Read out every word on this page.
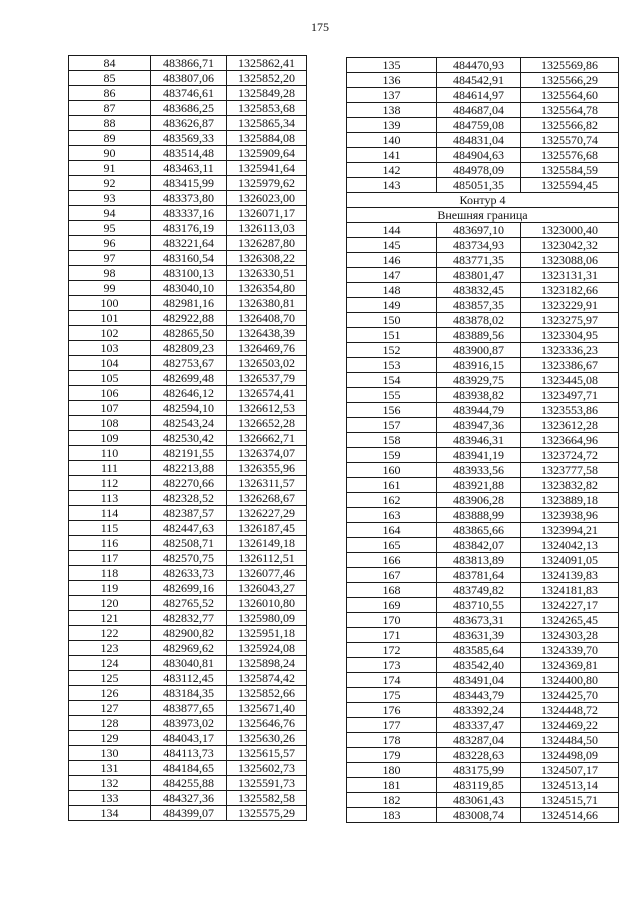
175
84	483866,71	1325862,41
85	483807,06	1325852,20
86	483746,61	1325849,28
87	483686,25	1325853,68
88	483626,87	1325865,34
89	483569,33	1325884,08
90	483514,48	1325909,64
91	483463,11	1325941,64
92	483415,99	1325979,62
93	483373,80	1326023,00
94	483337,16	1326071,17
95	483176,19	1326113,03
96	483221,64	1326287,80
97	483160,54	1326308,22
98	483100,13	1326330,51
99	483040,10	1326354,80
100	482981,16	1326380,81
101	482922,88	1326408,70
102	482865,50	1326438,39
103	482809,23	1326469,76
104	482753,67	1326503,02
105	482699,48	1326537,79
106	482646,12	1326574,41
107	482594,10	1326612,53
108	482543,24	1326652,28
109	482530,42	1326662,71
110	482191,55	1326374,07
111	482213,88	1326355,96
112	482270,66	1326311,57
113	482328,52	1326268,67
114	482387,57	1326227,29
115	482447,63	1326187,45
116	482508,71	1326149,18
117	482570,75	1326112,51
118	482633,73	1326077,46
119	482699,16	1326043,27
120	482765,52	1326010,80
121	482832,77	1325980,09
122	482900,82	1325951,18
123	482969,62	1325924,08
124	483040,81	1325898,24
125	483112,45	1325874,42
126	483184,35	1325852,66
127	483877,65	1325671,40
128	483973,02	1325646,76
129	484043,17	1325630,26
130	484113,73	1325615,57
131	484184,65	1325602,73
132	484255,88	1325591,73
133	484327,36	1325582,58
134	484399,07	1325575,29
135	484470,93	1325569,86
136	484542,91	1325566,29
137	484614,97	1325564,60
138	484687,04	1325564,78
139	484759,08	1325566,82
140	484831,04	1325570,74
141	484904,63	1325576,68
142	484978,09	1325584,59
143	485051,35	1325594,45
Контур 4		
Внешняя граница		
144	483697,10	1323000,40
145	483734,93	1323042,32
146	483771,35	1323088,06
147	483801,47	1323131,31
148	483832,45	1323182,66
149	483857,35	1323229,91
150	483878,02	1323275,97
151	483889,56	1323304,95
152	483900,87	1323336,23
153	483916,15	1323386,67
154	483929,75	1323445,08
155	483938,82	1323497,71
156	483944,79	1323553,86
157	483947,36	1323612,28
158	483946,31	1323664,96
159	483941,19	1323724,72
160	483933,56	1323777,58
161	483921,88	1323832,82
162	483906,28	1323889,18
163	483888,99	1323938,96
164	483865,66	1323994,21
165	483842,07	1324042,13
166	483813,89	1324091,05
167	483781,64	1324139,83
168	483749,82	1324181,83
169	483710,55	1324227,17
170	483673,31	1324265,45
171	483631,39	1324303,28
172	483585,64	1324339,70
173	483542,40	1324369,81
174	483491,04	1324400,80
175	483443,79	1324425,70
176	483392,24	1324448,72
177	483337,47	1324469,22
178	483287,04	1324484,50
179	483228,63	1324498,09
180	483175,99	1324507,17
181	483119,85	1324513,14
182	483061,43	1324515,71
183	483008,74	1324514,66
